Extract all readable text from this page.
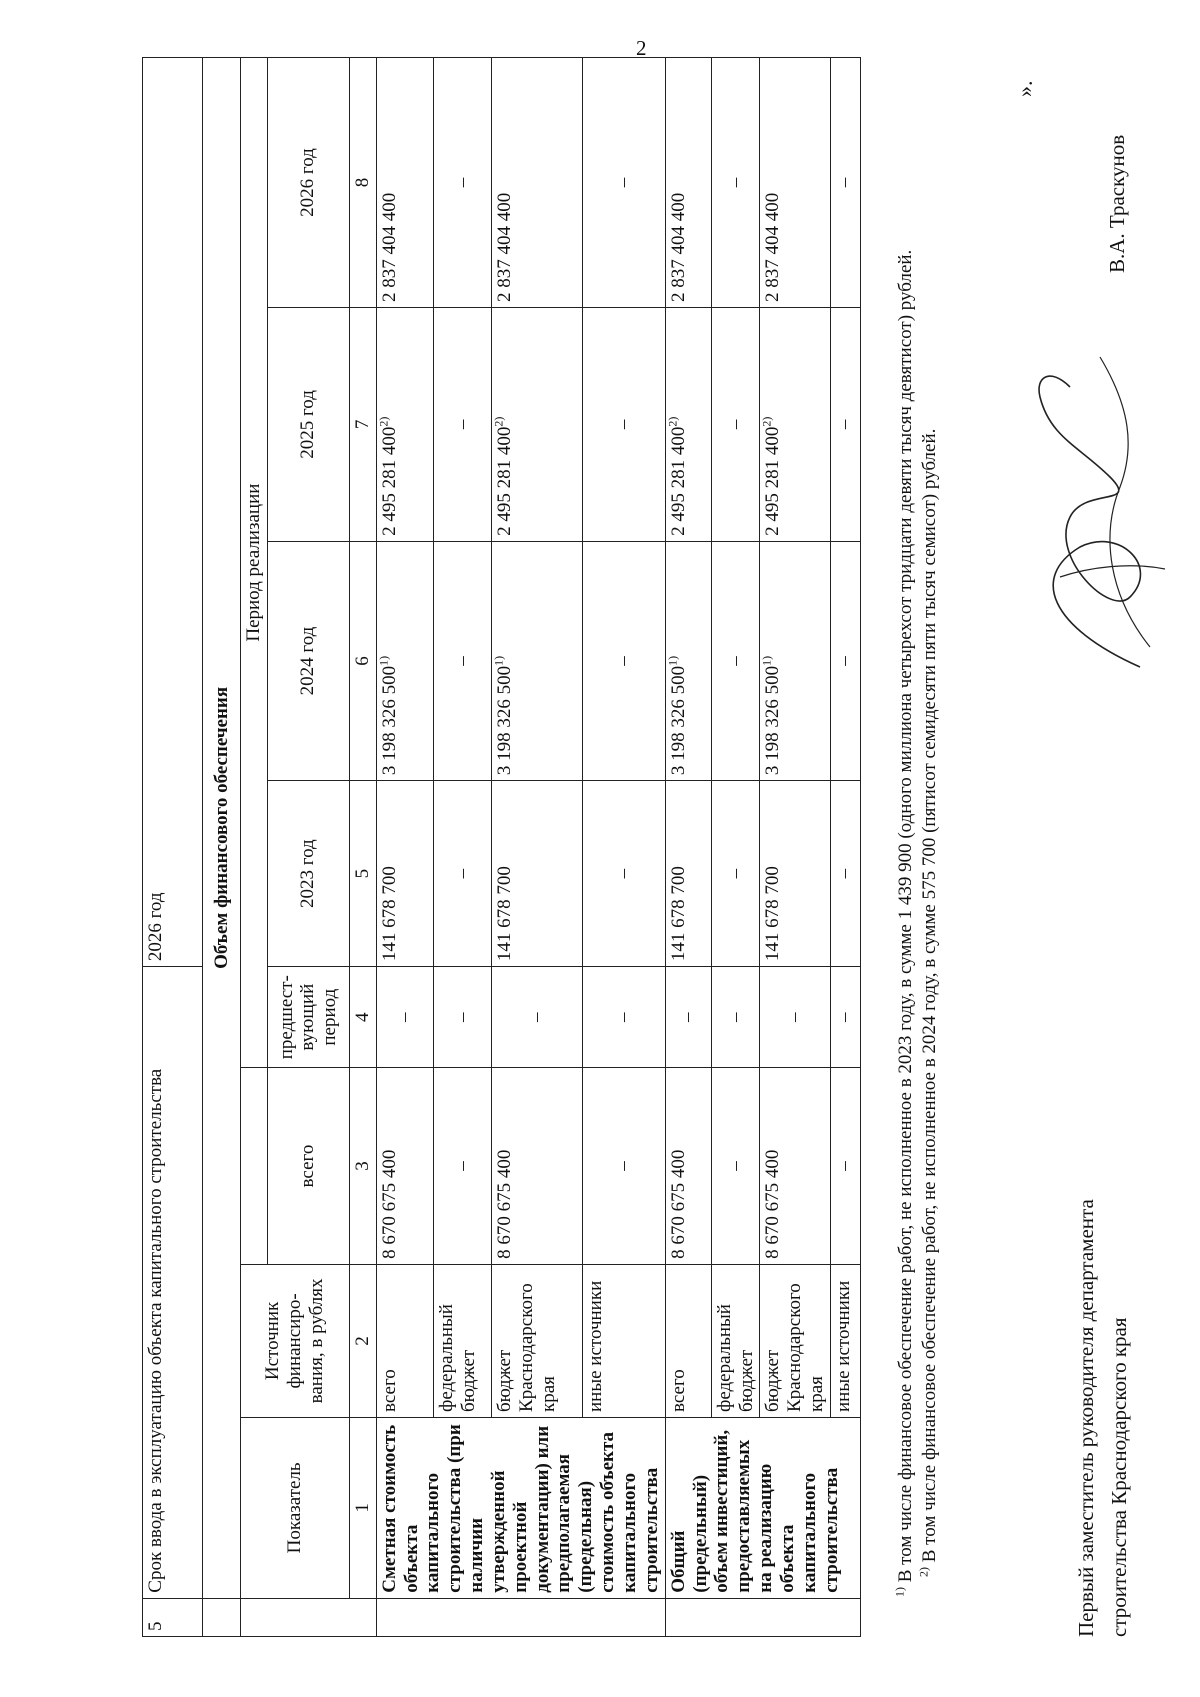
2
5	Срок ввода в эксплуатацию объекта капитального строительства				2026 год			
	Объем финансового обеспечения							
	Показатель	Источник финансиро-вания, в рублях		Период реализации				
			всего	предшест-вующий период	2023 год	2024 год	2025 год	2026 год
	1	2	3	4	5	6	7	8
	Сметная стоимость объекта капитального строительства (при наличии утвержденной проектной документации) или предполагаемая (предельная) стоимость объекта капитального строительства	всего	8 670 675 400	–	141 678 700	3 198 326 500$^{1)}$	2 495 281 400$^{2)}$	2 837 404 400
		федеральный бюджет	–	–	–	–	–	–
		бюджет Краснодарского края	8 670 675 400	–	141 678 700	3 198 326 500$^{1)}$	2 495 281 400$^{2)}$	2 837 404 400
		иные источники	–	–	–	–	–	–
	Общий (предельный) объем инвестиций, предоставляемых на реализацию объекта капитального строительства	всего	8 670 675 400	–	141 678 700	3 198 326 500$^{1)}$	2 495 281 400$^{2)}$	2 837 404 400
		федеральный бюджет	–	–	–	–	–	–
		бюджет Краснодарского края	8 670 675 400	–	141 678 700	3 198 326 500$^{1)}$	2 495 281 400$^{2)}$	2 837 404 400
		иные источники	–	–	–	–	–	–

$^{1)}$ В том числе финансовое обеспечение работ, не исполненное в 2023 году, в сумме 1 439 900 (одного миллиона четырехсот тридцати девяти тысяч девятисот) рублей. $^{2)}$ В том числе финансовое обеспечение работ, не исполненное в 2024 году, в сумме 575 700 (пятисот семидесяти пяти тысяч семисот) рублей.

».
Первый заместитель руководителя департамента строительства Краснодарского края
В.А. Траскунов
